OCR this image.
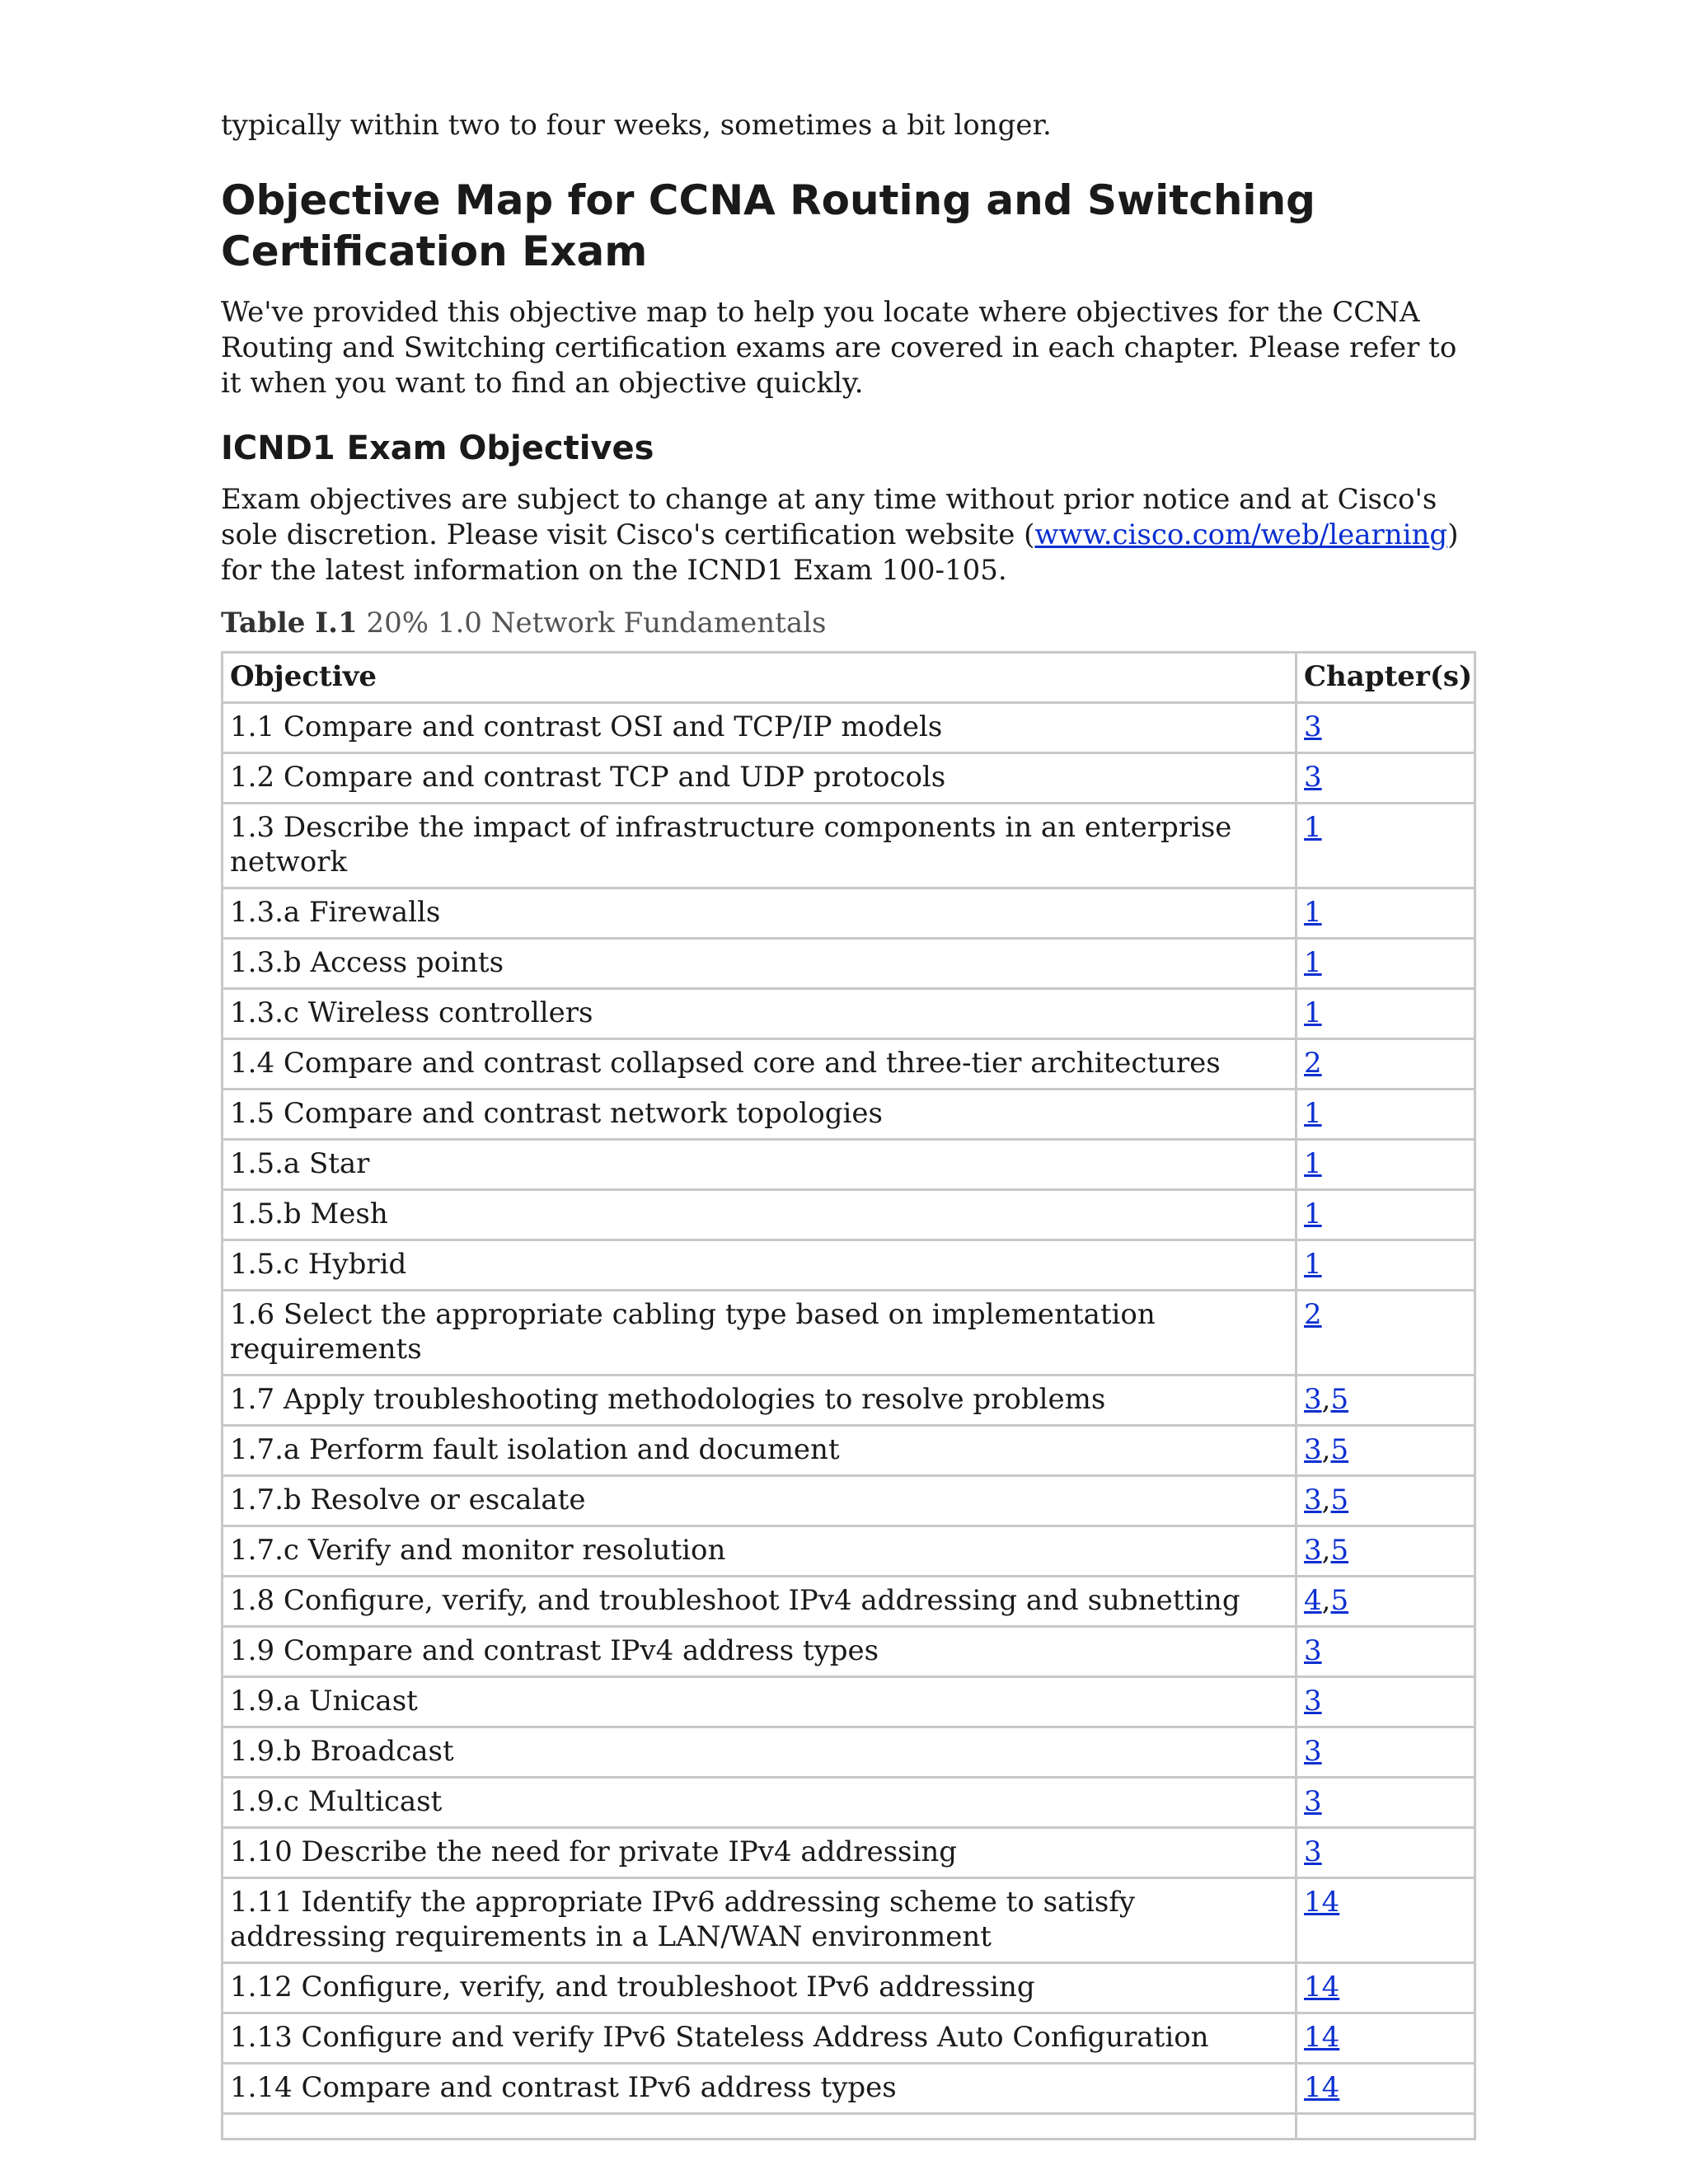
typically within two to four weeks, sometimes a bit longer.

Objective Map for CCNA Routing and Switching
Certification Exam

We've provided this objective map to help you locate where objectives for the CCNA Routing and Switching certification exams are covered in each chapter. Please refer to it when you want to find an objective quickly.

ICND1 Exam Objectives

Exam objectives are subject to change at any time without prior notice and at Cisco's sole discretion. Please visit Cisco's certification website (www.cisco.com/web/learning) for the latest information on the ICND1 Exam 100-105.

Table I.1 20% 1.0 Network Fundamentals

Objective	Chapter(s)
1.1 Compare and contrast OSI and TCP/IP models	3
1.2 Compare and contrast TCP and UDP protocols	3
1.3 Describe the impact of infrastructure components in an enterprise network	1
1.3.a Firewalls	1
1.3.b Access points	1
1.3.c Wireless controllers	1
1.4 Compare and contrast collapsed core and three-tier architectures	2
1.5 Compare and contrast network topologies	1
1.5.a Star	1
1.5.b Mesh	1
1.5.c Hybrid	1
1.6 Select the appropriate cabling type based on implementation requirements	2
1.7 Apply troubleshooting methodologies to resolve problems	3,5
1.7.a Perform fault isolation and document	3,5
1.7.b Resolve or escalate	3,5
1.7.c Verify and monitor resolution	3,5
1.8 Configure, verify, and troubleshoot IPv4 addressing and subnetting	4,5
1.9 Compare and contrast IPv4 address types	3
1.9.a Unicast	3
1.9.b Broadcast	3
1.9.c Multicast	3
1.10 Describe the need for private IPv4 addressing	3
1.11 Identify the appropriate IPv6 addressing scheme to satisfy addressing requirements in a LAN/WAN environment	14
1.12 Configure, verify, and troubleshoot IPv6 addressing	14
1.13 Configure and verify IPv6 Stateless Address Auto Configuration	14
1.14 Compare and contrast IPv6 address types	14
